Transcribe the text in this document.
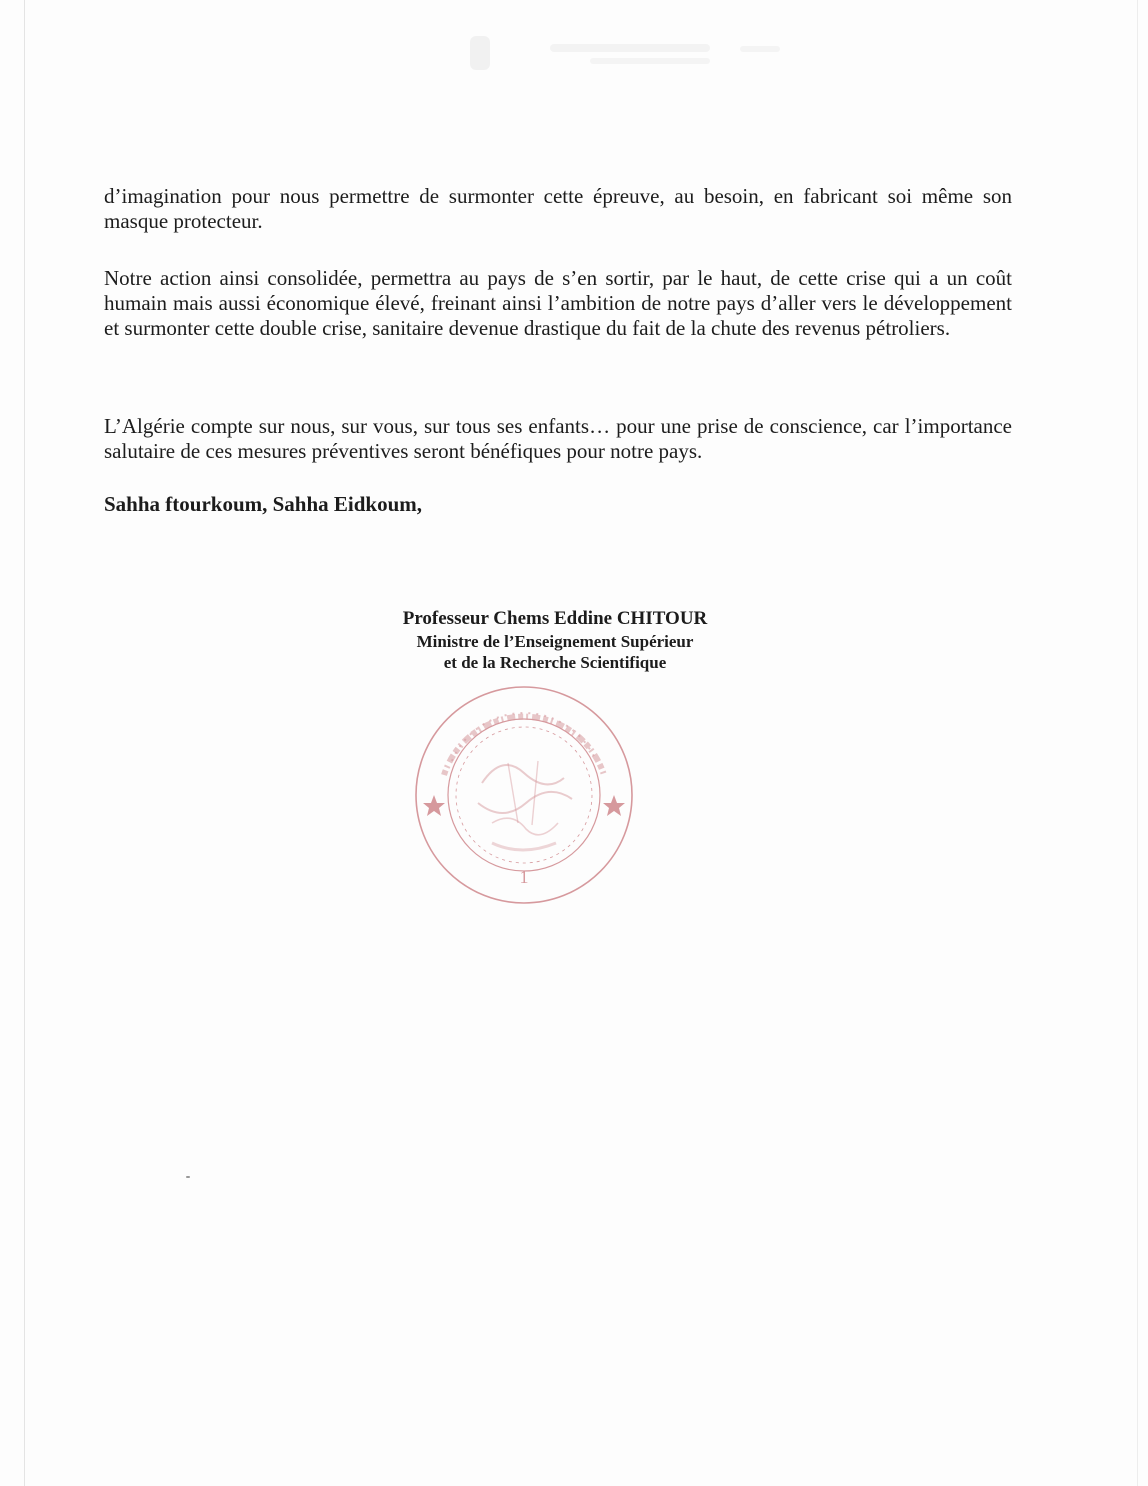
d’imagination pour nous permettre de surmonter cette épreuve, au besoin, en fabricant soi même son masque protecteur.

Notre action ainsi consolidée, permettra au pays de s’en sortir, par le haut, de cette crise qui a un coût humain mais aussi économique élevé, freinant ainsi l’ambition de notre pays d’aller vers le développement et surmonter cette double crise, sanitaire devenue drastique du fait de la chute des revenus pétroliers.

L’Algérie compte sur nous, sur vous, sur tous ses enfants… pour une prise de conscience, car l’importance salutaire de ces mesures préventives seront bénéfiques pour notre pays.

Sahha ftourkoum, Sahha Eidkoum,

Professeur Chems Eddine CHITOUR
Ministre de l’Enseignement Supérieur
et de la Recherche Scientifique
1
